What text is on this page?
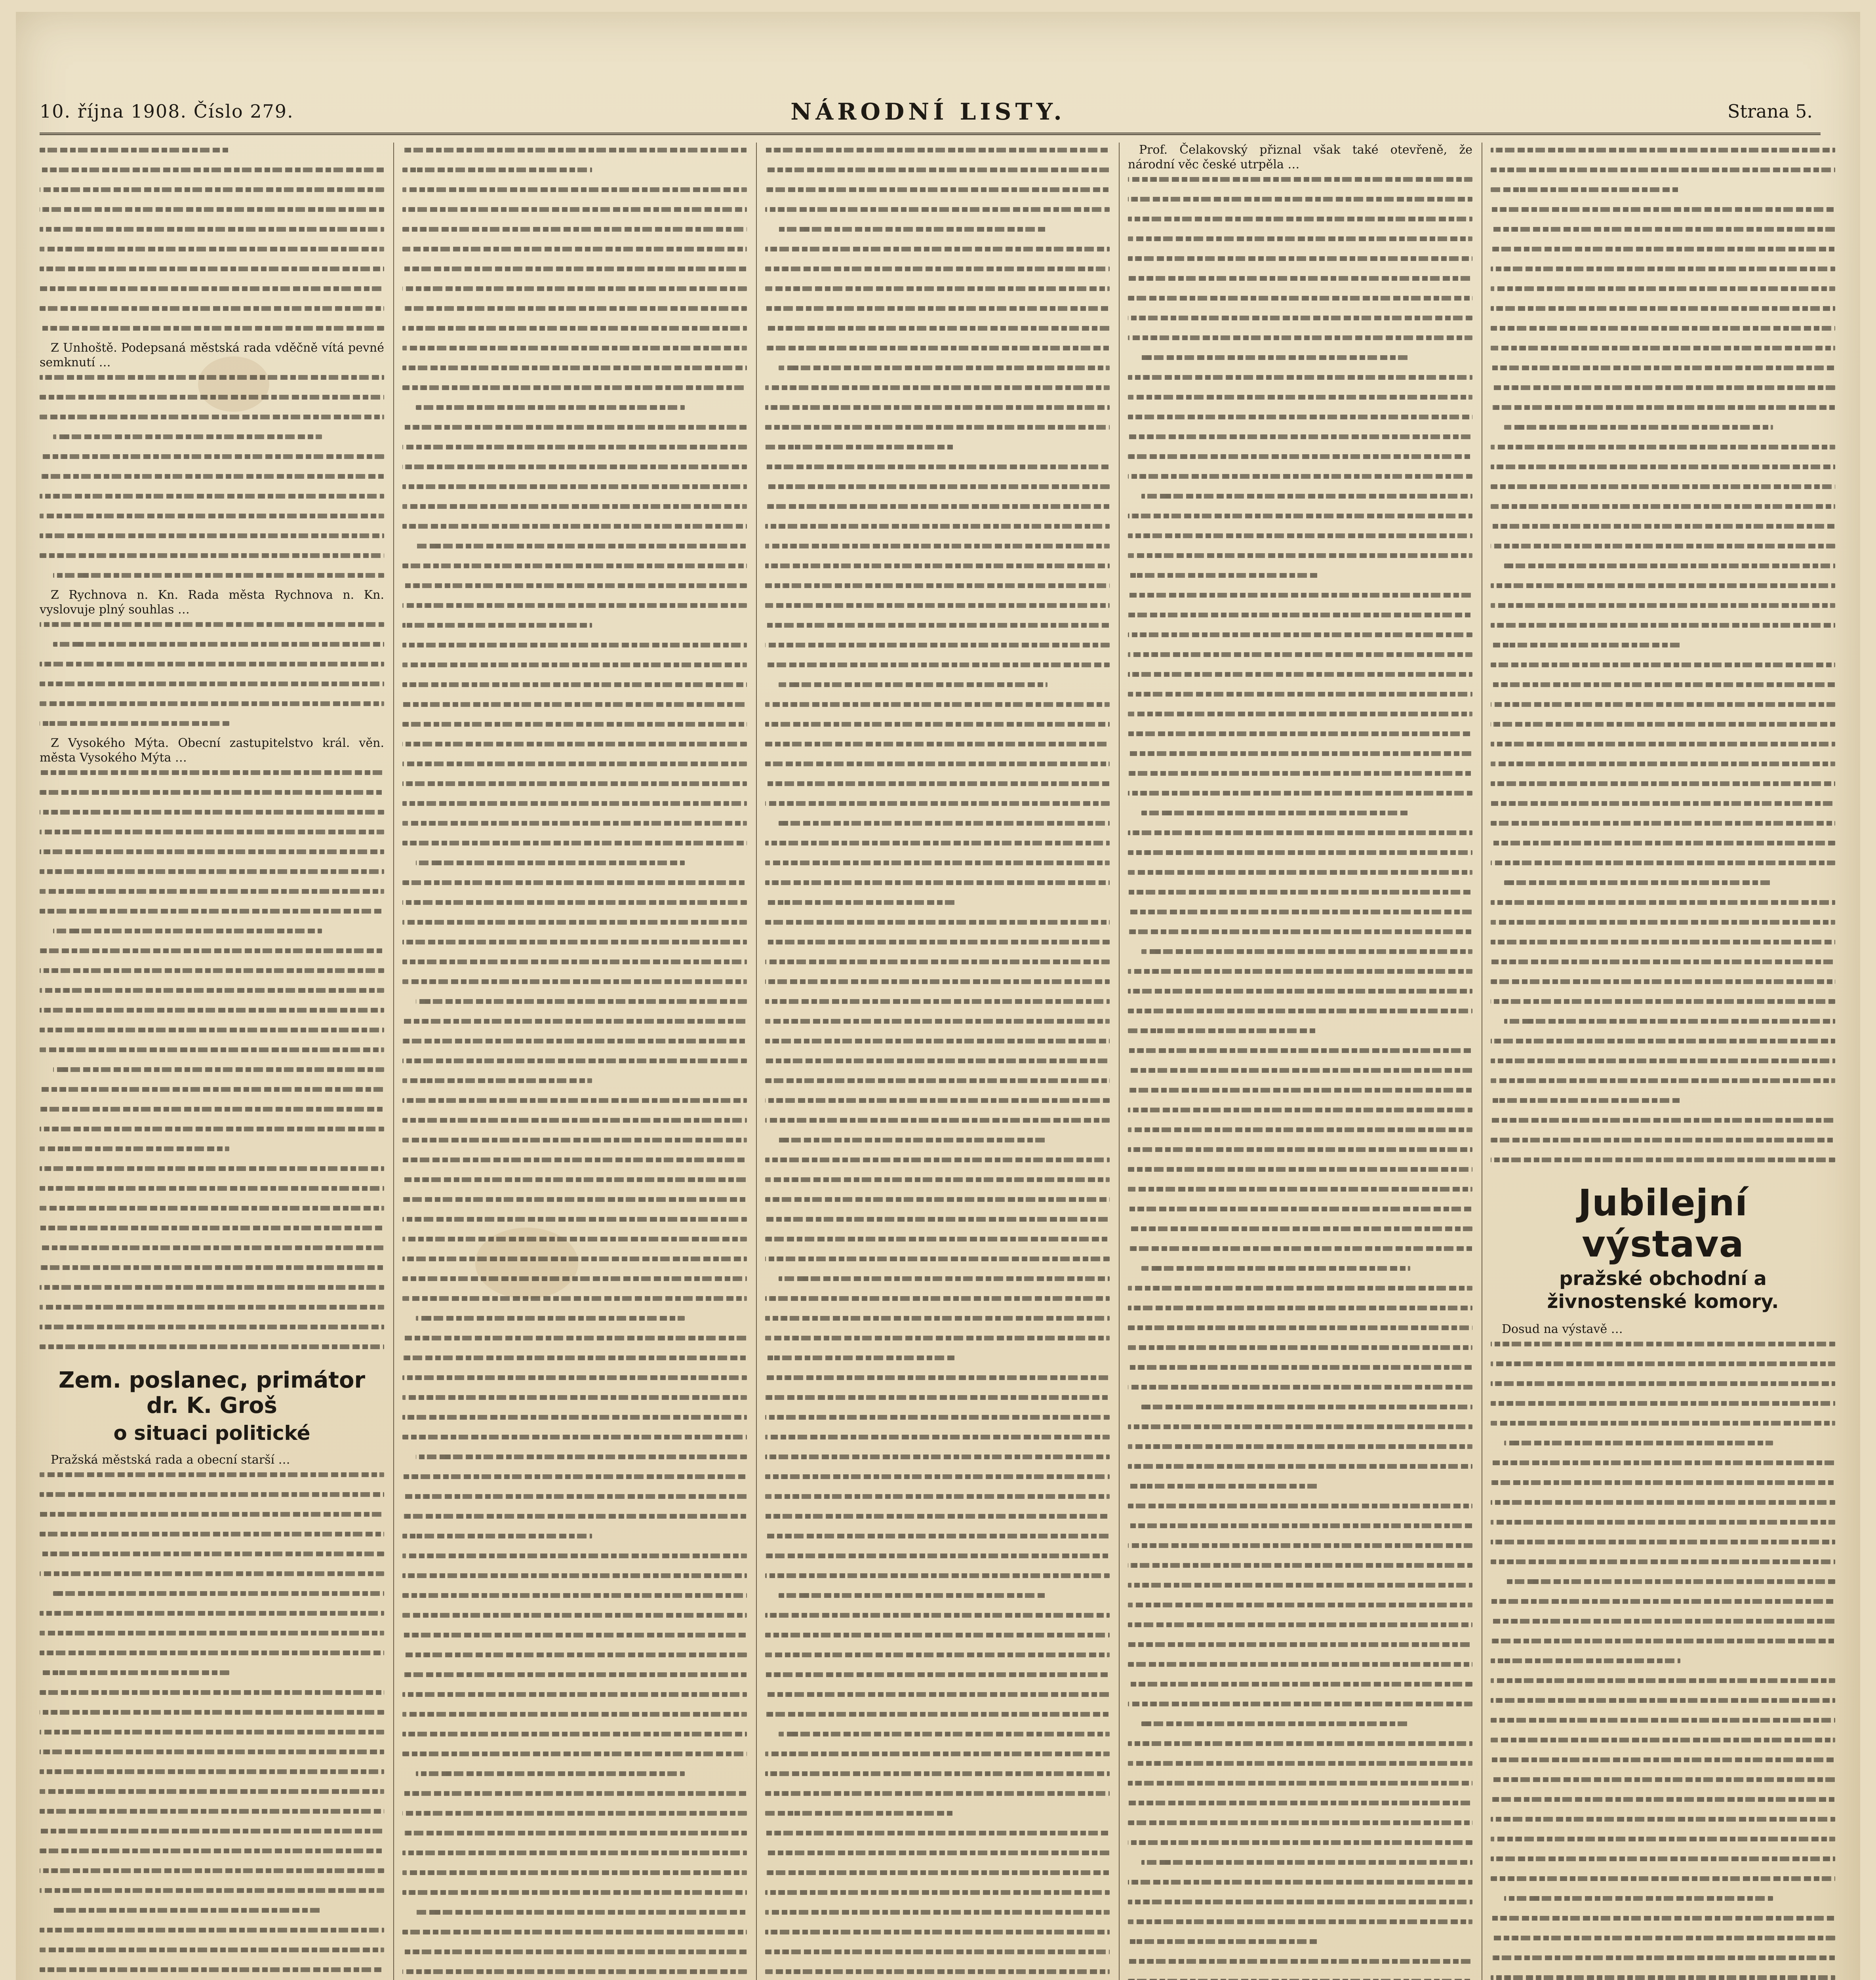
10. října 1908. Číslo 279.	NÁRODNÍ LISTY.	Strana 5.

Z Unhoště. Podepsaná městská rada vděčně vítá pevné semknutí …

Z Rychnova n. Kn. Rada města Rychnova n. Kn. vyslovuje plný souhlas …

Z Vysokého Mýta. Obecní zastupitelstvo král. věn. města Vysokého Mýta …

Zem. poslanec, primátor dr. K. Groš
o situaci politické

Pražská městská rada a obecní starší …

Prof. Čelakovský přiznal však také otevřeně, že národní věc české utrpěla …

Jubilejní výstava
pražské obchodní a živnostenské komory.

Dosud na výstavě …
